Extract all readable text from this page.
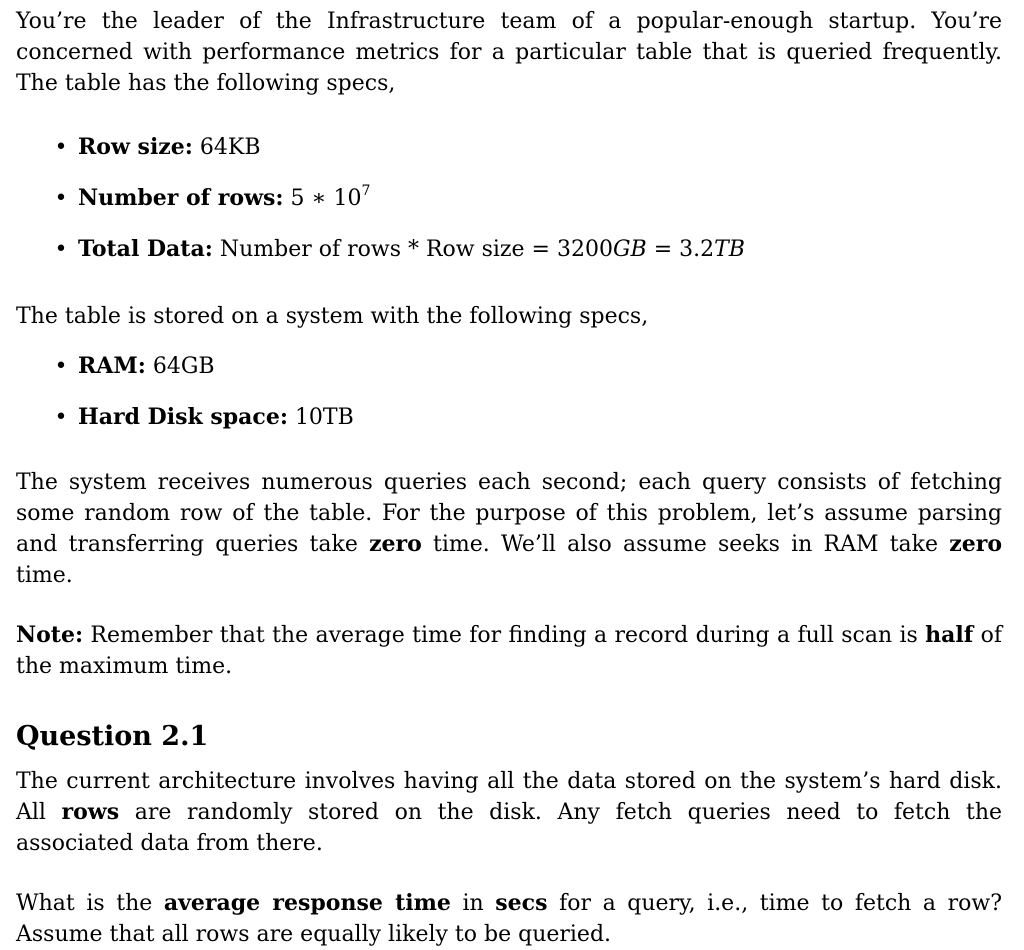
You’re the leader of the Infrastructure team of a popular-enough startup. You’re concerned with performance metrics for a particular table that is queried frequently. The table has the following specs,

• Row size: 64KB
• Number of rows: 5 ∗ $10^7$
• Total Data: Number of rows * Row size = 3200GB = 3.2TB

The table is stored on a system with the following specs,

• RAM: 64GB
• Hard Disk space: 10TB

The system receives numerous queries each second; each query consists of fetching some random row of the table. For the purpose of this problem, let’s assume parsing and transferring queries take zero time. We’ll also assume seeks in RAM take zero time.

Note: Remember that the average time for finding a record during a full scan is half of the maximum time.

Question 2.1

The current architecture involves having all the data stored on the system’s hard disk. All rows are randomly stored on the disk. Any fetch queries need to fetch the associated data from there.

What is the average response time in secs for a query, i.e., time to fetch a row? Assume that all rows are equally likely to be queried.
